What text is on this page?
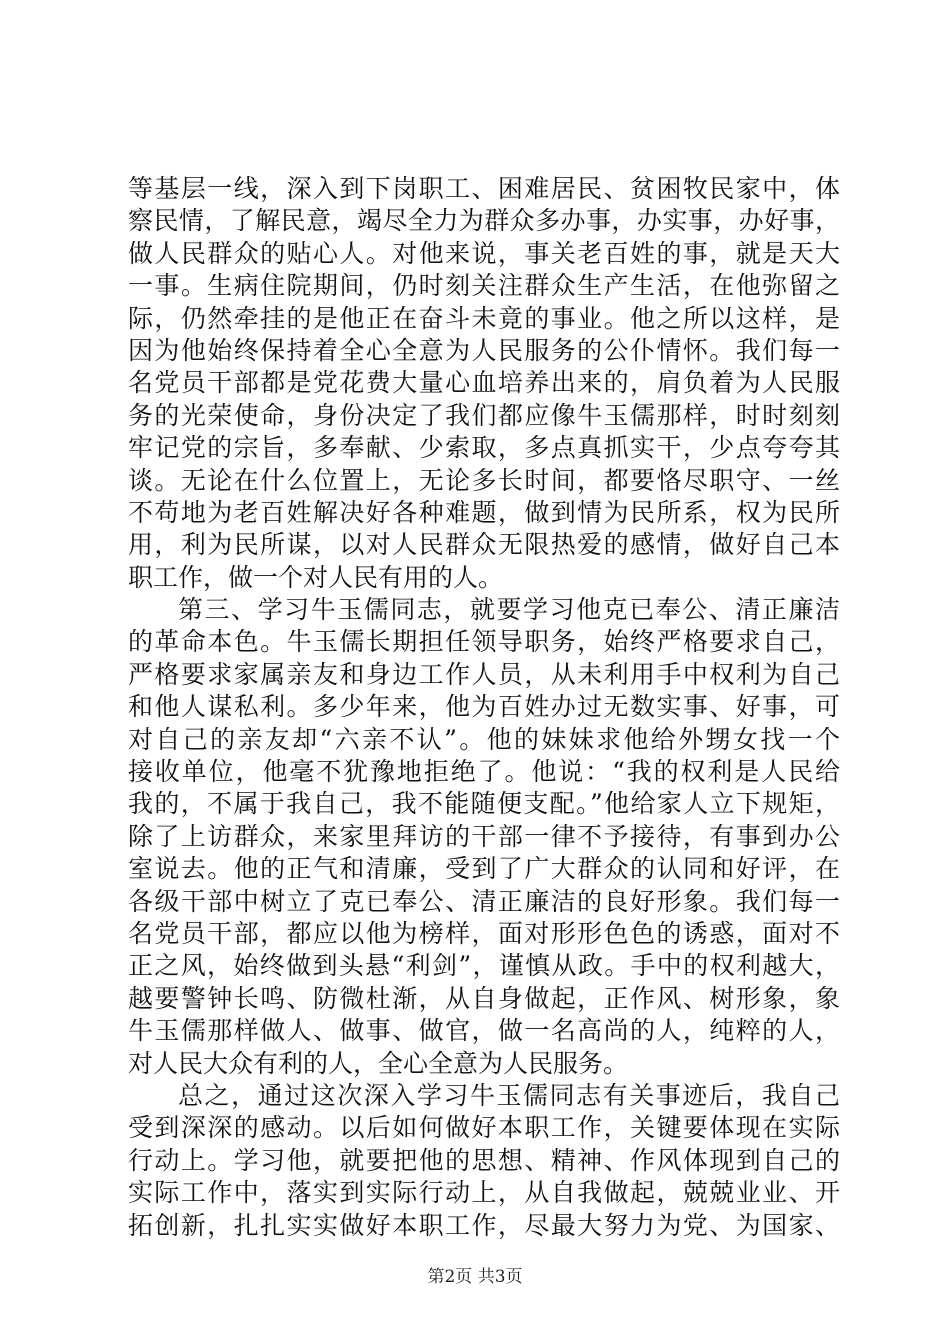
等基层一线，深入到下岗职工、困难居民、贫困牧民家中，体
察民情，了解民意，竭尽全力为群众多办事，办实事，办好事，
做人民群众的贴心人。对他来说，事关老百姓的事，就是天大
一事。生病住院期间，仍时刻关注群众生产生活，在他弥留之
际，仍然牵挂的是他正在奋斗未竟的事业。他之所以这样，是
因为他始终保持着全心全意为人民服务的公仆情怀。我们每一
名党员干部都是党花费大量心血培养出来的，肩负着为人民服
务的光荣使命，身份决定了我们都应像牛玉儒那样，时时刻刻
牢记党的宗旨，多奉献、少索取，多点真抓实干，少点夸夸其
谈。无论在什么位置上，无论多长时间，都要恪尽职守、一丝
不苟地为老百姓解决好各种难题，做到情为民所系，权为民所
用，利为民所谋，以对人民群众无限热爱的感情，做好自己本
职工作，做一个对人民有用的人。
第三、学习牛玉儒同志，就要学习他克已奉公、清正廉洁
的革命本色。牛玉儒长期担任领导职务，始终严格要求自己，
严格要求家属亲友和身边工作人员，从未利用手中权利为自己
和他人谋私利。多少年来，他为百姓办过无数实事、好事，可
对自己的亲友却“六亲不认”。他的妹妹求他给外甥女找一个
接收单位，他毫不犹豫地拒绝了。他说：“我的权利是人民给
我的，不属于我自己，我不能随便支配。”他给家人立下规矩，
除了上访群众，来家里拜访的干部一律不予接待，有事到办公
室说去。他的正气和清廉，受到了广大群众的认同和好评，在
各级干部中树立了克已奉公、清正廉洁的良好形象。我们每一
名党员干部，都应以他为榜样，面对形形色色的诱惑，面对不
正之风，始终做到头悬“利剑”，谨慎从政。手中的权利越大，
越要警钟长鸣、防微杜渐，从自身做起，正作风、树形象，象
牛玉儒那样做人、做事、做官，做一名高尚的人，纯粹的人，
对人民大众有利的人，全心全意为人民服务。
总之，通过这次深入学习牛玉儒同志有关事迹后，我自己
受到深深的感动。以后如何做好本职工作，关键要体现在实际
行动上。学习他，就要把他的思想、精神、作风体现到自己的
实际工作中，落实到实际行动上，从自我做起，兢兢业业、开
拓创新，扎扎实实做好本职工作，尽最大努力为党、为国家、
第2页 共3页
